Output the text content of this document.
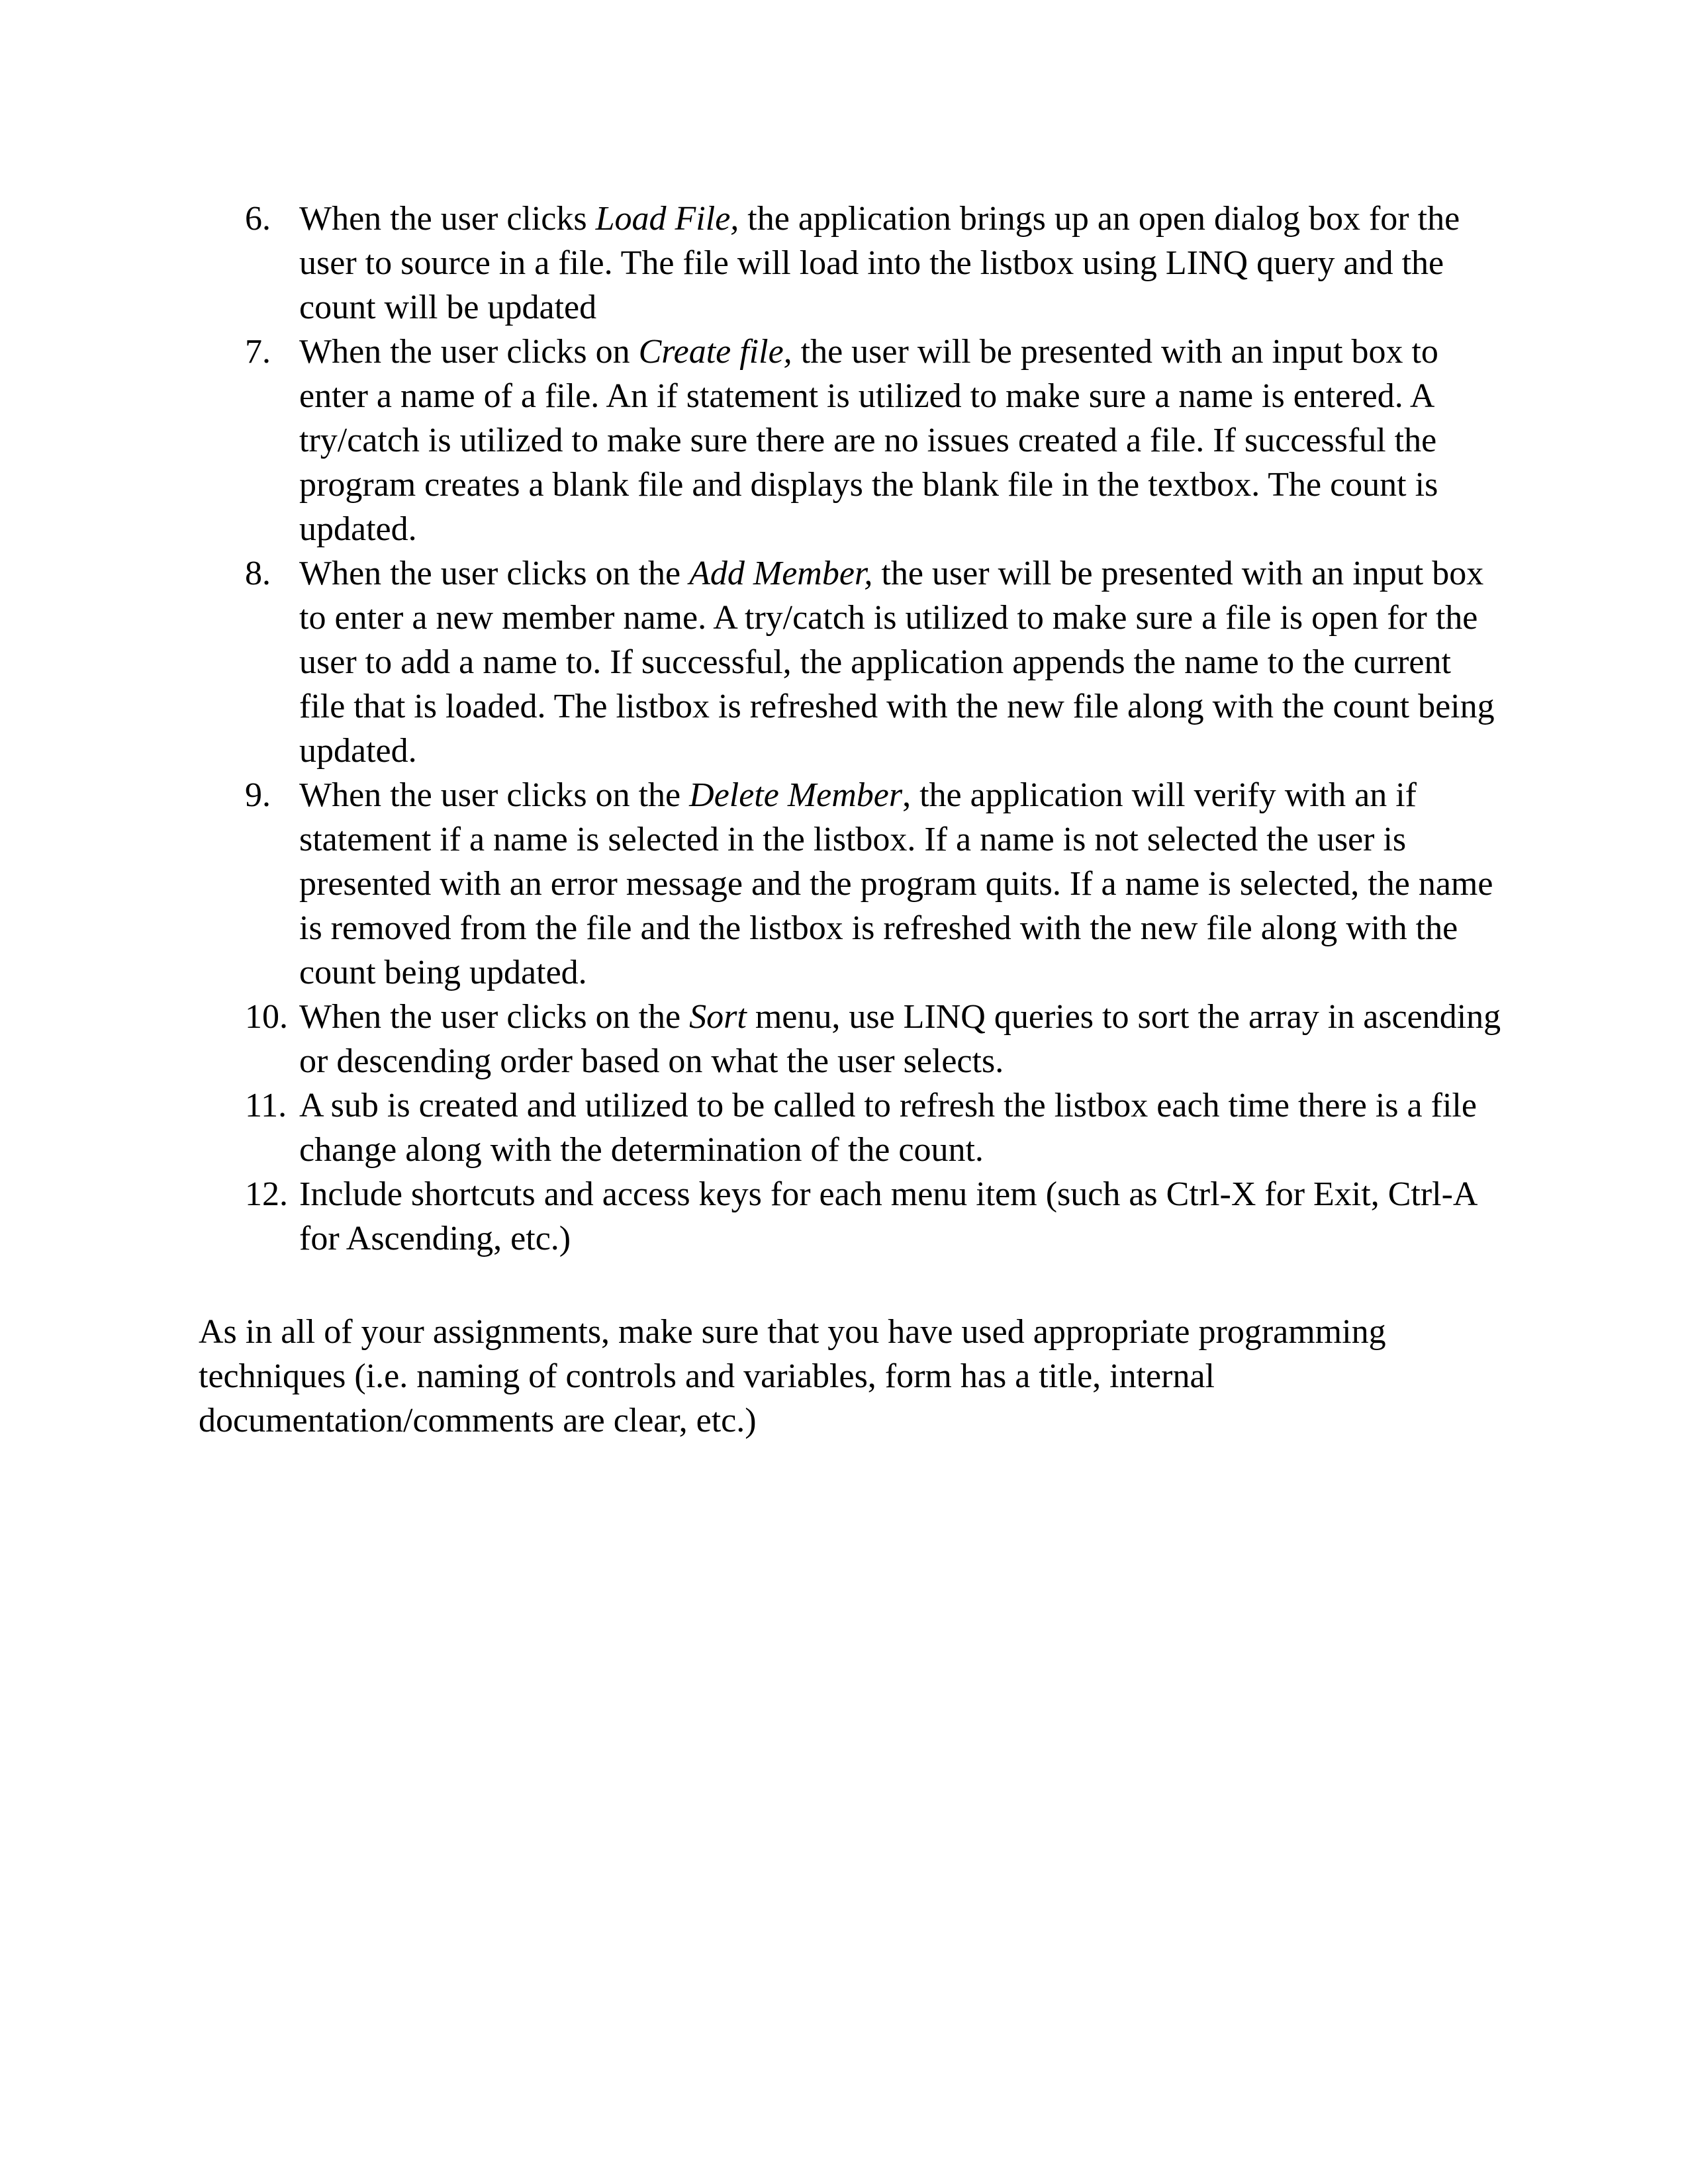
6. When the user clicks Load File, the application brings up an open dialog box for the user to source in a file. The file will load into the listbox using LINQ query and the count will be updated
7. When the user clicks on Create file, the user will be presented with an input box to enter a name of a file. An if statement is utilized to make sure a name is entered. A try/catch is utilized to make sure there are no issues created a file. If successful the program creates a blank file and displays the blank file in the textbox. The count is updated.
8. When the user clicks on the Add Member, the user will be presented with an input box to enter a new member name. A try/catch is utilized to make sure a file is open for the user to add a name to. If successful, the application appends the name to the current file that is loaded. The listbox is refreshed with the new file along with the count being updated.
9. When the user clicks on the Delete Member, the application will verify with an if statement if a name is selected in the listbox. If a name is not selected the user is presented with an error message and the program quits. If a name is selected, the name is removed from the file and the listbox is refreshed with the new file along with the count being updated.
10. When the user clicks on the Sort menu, use LINQ queries to sort the array in ascending or descending order based on what the user selects.
11. A sub is created and utilized to be called to refresh the listbox each time there is a file change along with the determination of the count.
12. Include shortcuts and access keys for each menu item (such as Ctrl-X for Exit, Ctrl-A for Ascending, etc.)

As in all of your assignments, make sure that you have used appropriate programming techniques (i.e. naming of controls and variables, form has a title, internal documentation/comments are clear, etc.)
